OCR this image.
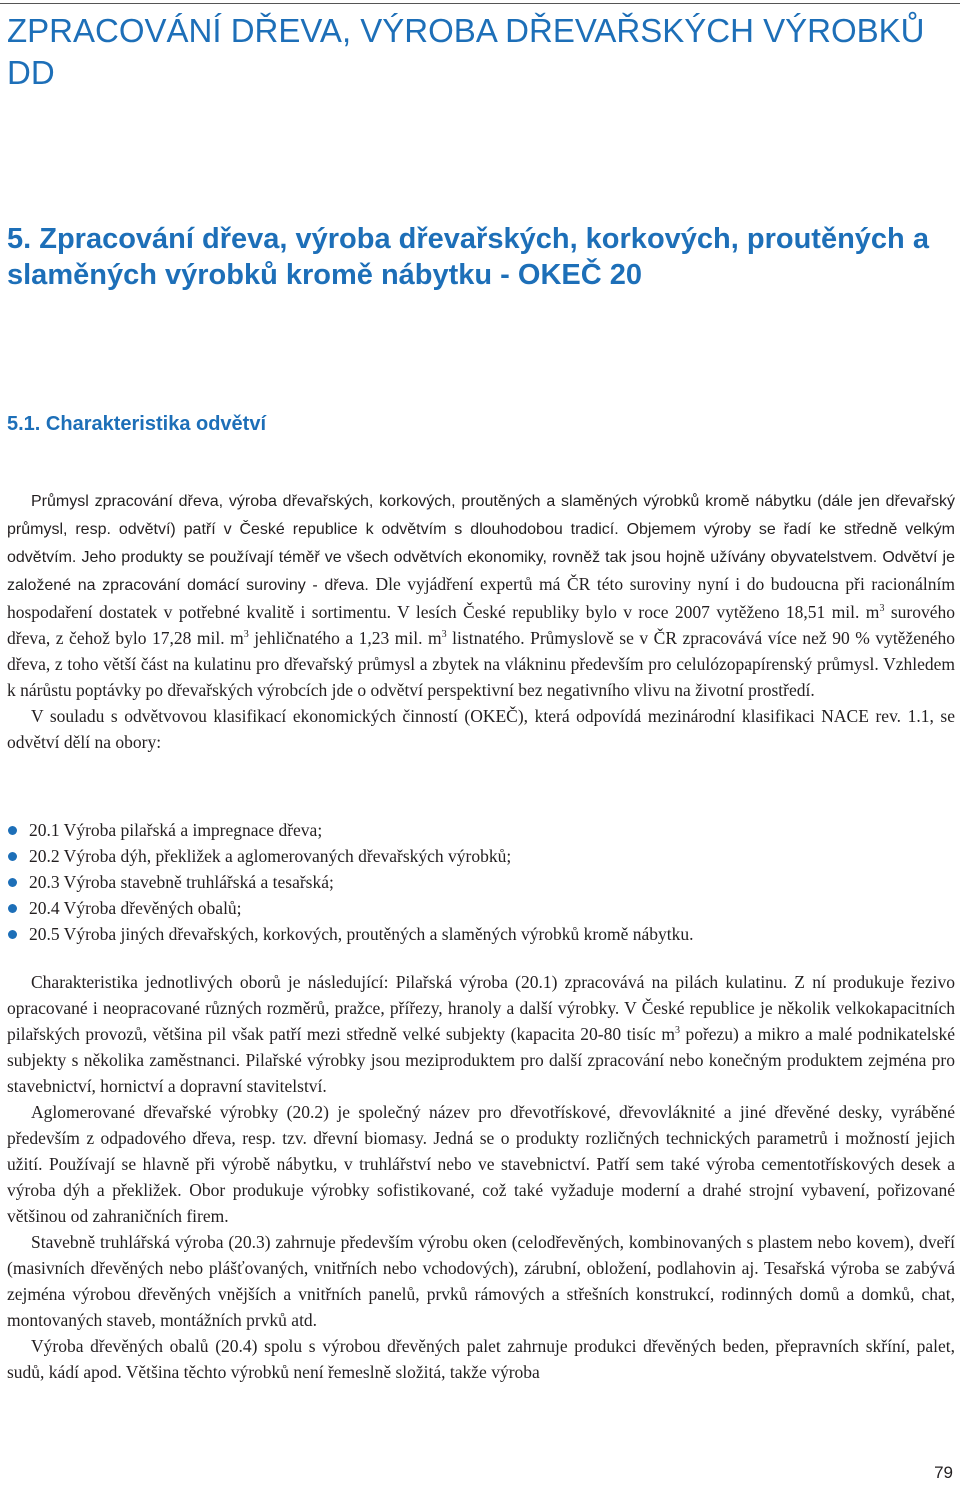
ZPRACOVÁNÍ DŘEVA, VÝROBA DŘEVAŘSKÝCH VÝROBKŮ DD
5. Zpracování dřeva, výroba dřevařských, korkových, proutěných a slaměných výrobků kromě nábytku - OKEČ 20
5.1. Charakteristika odvětví

Průmysl zpracování dřeva, výroba dřevařských, korkových, proutěných a slaměných výrobků kromě nábytku (dále jen dřevařský průmysl, resp. odvětví) patří v České republice k odvětvím s dlouhodobou tradicí. Objemem výroby se řadí ke středně velkým odvětvím. Jeho produkty se používají téměř ve všech odvětvích ekonomiky, rovněž tak jsou hojně užívány obyvatelstvem. Odvětví je založené na zpracování domácí suroviny - dřeva. Dle vyjádření expertů má ČR této suroviny nyní i do budoucna při racionálním hospodaření dostatek v potřebné kvalitě i sortimentu. V lesích České republiky bylo v roce 2007 vytěženo 18,51 mil. $m^3$ surového dřeva, z čehož bylo 17,28 mil. $m^3$ jehličnatého a 1,23 mil. $m^3$ listnatého. Průmyslově se v ČR zpracovává více než 90 % vytěženého dřeva, z toho větší část na kulatinu pro dřevařský průmysl a zbytek na vlákninu především pro celulózopapírenský průmysl. Vzhledem k nárůstu poptávky po dřevařských výrobcích jde o odvětví perspektivní bez negativního vlivu na životní prostředí.

V souladu s odvětvovou klasifikací ekonomických činností (OKEČ), která odpovídá mezinárodní klasifikaci NACE rev. 1.1, se odvětví dělí na obory:

20.1 Výroba pilařská a impregnace dřeva;
20.2 Výroba dýh, překližek a aglomerovaných dřevařských výrobků;
20.3 Výroba stavebně truhlářská a tesařská;
20.4 Výroba dřevěných obalů;
20.5 Výroba jiných dřevařských, korkových, proutěných a slaměných výrobků kromě nábytku.

Charakteristika jednotlivých oborů je následující: Pilařská výroba (20.1) zpracovává na pilách kulatinu. Z ní produkuje řezivo opracované i neopracované různých rozměrů, pražce, přířezy, hranoly a další výrobky. V České republice je několik velkokapacitních pilařských provozů, většina pil však patří mezi středně velké subjekty (kapacita 20-80 tisíc $m^3$ pořezu) a mikro a malé podnikatelské subjekty s několika zaměstnanci. Pilařské výrobky jsou meziproduktem pro další zpracování nebo konečným produktem zejména pro stavebnictví, hornictví a dopravní stavitelství.

Aglomerované dřevařské výrobky (20.2) je společný název pro dřevotřískové, dřevovláknité a jiné dřevěné desky, vyráběné především z odpadového dřeva, resp. tzv. dřevní biomasy. Jedná se o produkty rozličných technických parametrů i možností jejich užití. Používají se hlavně při výrobě nábytku, v truhlářství nebo ve stavebnictví. Patří sem také výroba cementotřískových desek a výroba dýh a překližek. Obor produkuje výrobky sofistikované, což také vyžaduje moderní a drahé strojní vybavení, pořizované většinou od zahraničních firem.

Stavebně truhlářská výroba (20.3) zahrnuje především výrobu oken (celodřevěných, kombinovaných s plastem nebo kovem), dveří (masivních dřevěných nebo plášťovaných, vnitřních nebo vchodových), zárubní, obložení, podlahovin aj. Tesařská výroba se zabývá zejména výrobou dřevěných vnějších a vnitřních panelů, prvků rámových a střešních konstrukcí, rodinných domů a domků, chat, montovaných staveb, montážních prvků atd.

Výroba dřevěných obalů (20.4) spolu s výrobou dřevěných palet zahrnuje produkci dřevěných beden, přepravních skříní, palet, sudů, kádí apod. Většina těchto výrobků není řemeslně složitá, takže výroba

79
